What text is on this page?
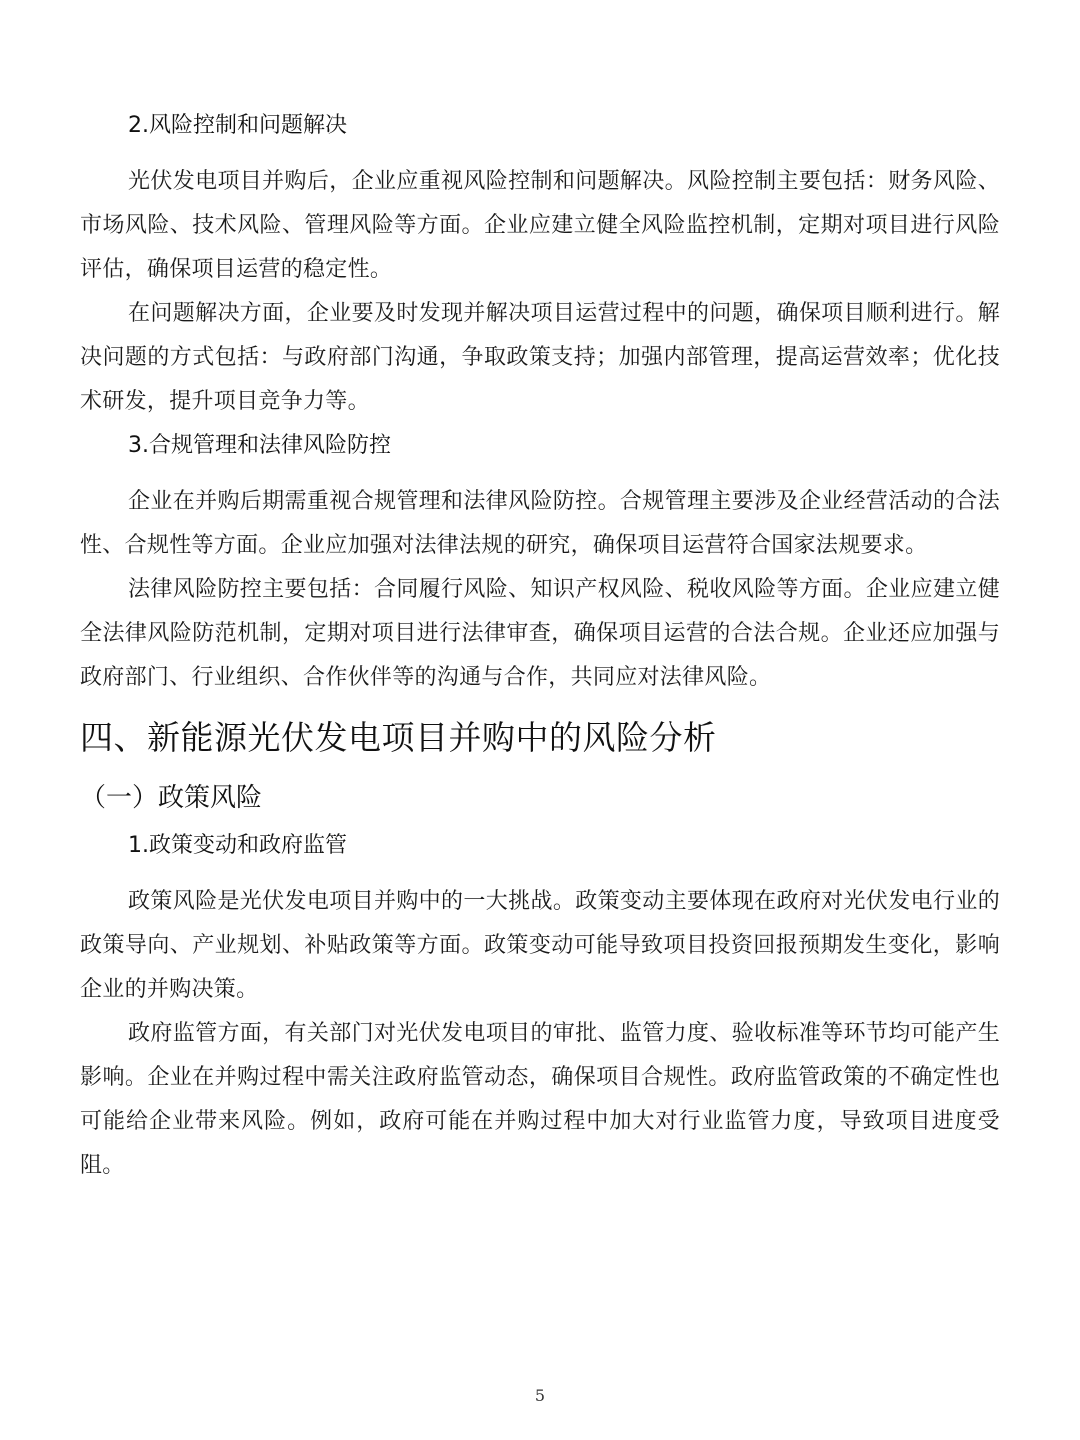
2.风险控制和问题解决

光伏发电项目并购后，企业应重视风险控制和问题解决。风险控制主要包括：财务风险、市场风险、技术风险、管理风险等方面。企业应建立健全风险监控机制，定期对项目进行风险评估，确保项目运营的稳定性。

在问题解决方面，企业要及时发现并解决项目运营过程中的问题，确保项目顺利进行。解决问题的方式包括：与政府部门沟通，争取政策支持；加强内部管理，提高运营效率；优化技术研发，提升项目竞争力等。

3.合规管理和法律风险防控

企业在并购后期需重视合规管理和法律风险防控。合规管理主要涉及企业经营活动的合法性、合规性等方面。企业应加强对法律法规的研究，确保项目运营符合国家法规要求。

法律风险防控主要包括：合同履行风险、知识产权风险、税收风险等方面。企业应建立健全法律风险防范机制，定期对项目进行法律审查，确保项目运营的合法合规。企业还应加强与政府部门、行业组织、合作伙伴等的沟通与合作，共同应对法律风险。

四、新能源光伏发电项目并购中的风险分析
（一）政策风险
1.政策变动和政府监管

政策风险是光伏发电项目并购中的一大挑战。政策变动主要体现在政府对光伏发电行业的政策导向、产业规划、补贴政策等方面。政策变动可能导致项目投资回报预期发生变化，影响企业的并购决策。

政府监管方面，有关部门对光伏发电项目的审批、监管力度、验收标准等环节均可能产生影响。企业在并购过程中需关注政府监管动态，确保项目合规性。政府监管政策的不确定性也可能给企业带来风险。例如，政府可能在并购过程中加大对行业监管力度，导致项目进度受阻。

5
